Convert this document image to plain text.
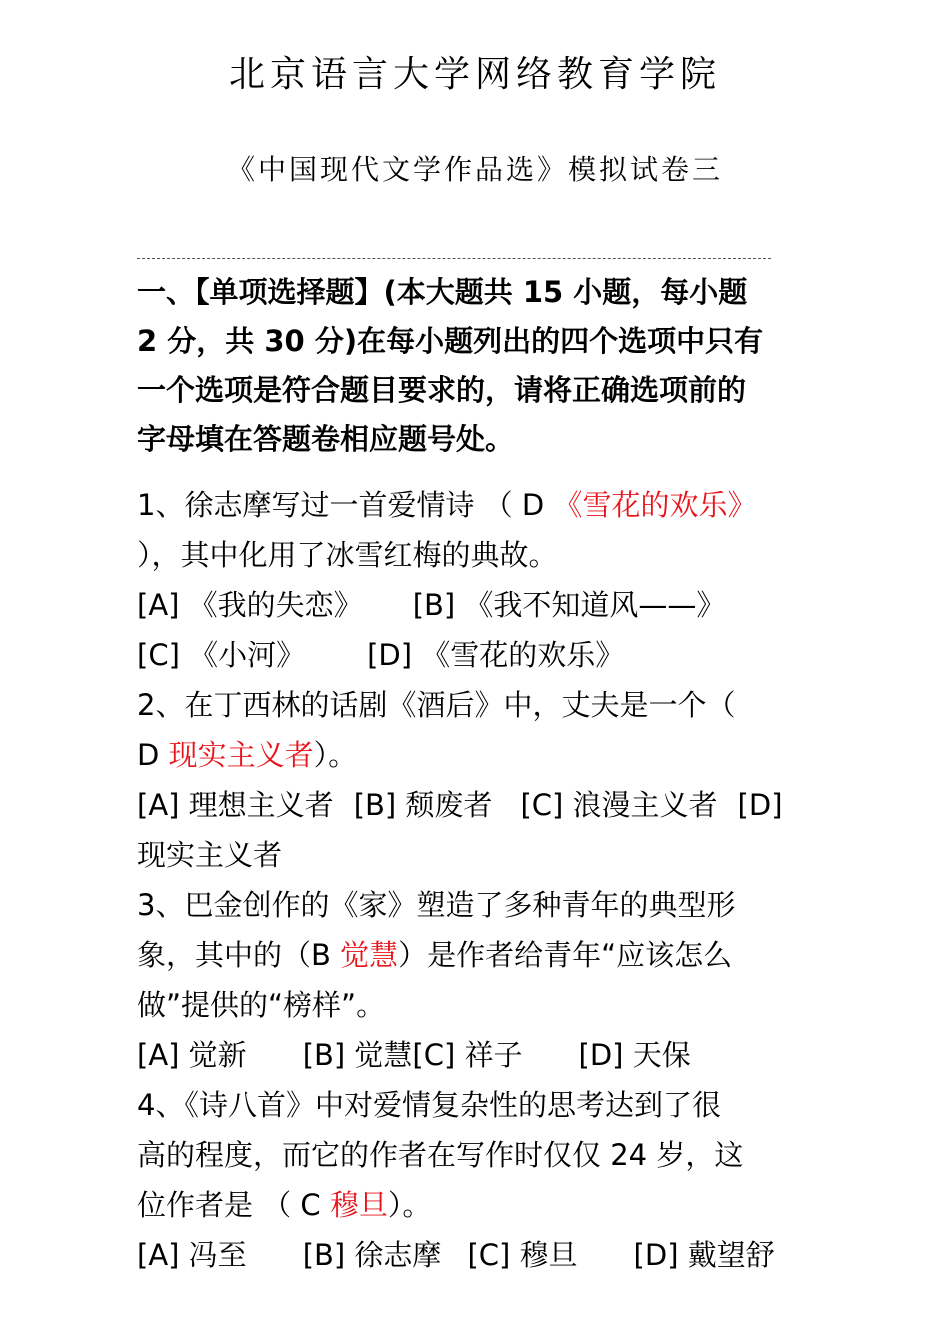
北京语言大学网络教育学院
《中国现代文学作品选》模拟试卷三
一、【单项选择题】(本大题共 15 小题，每小题
2 分，共 30 分)在每小题列出的四个选项中只有
一个选项是符合题目要求的，请将正确选项前的
字母填在答题卷相应题号处。
1、徐志摩写过一首爱情诗 （ D 《雪花的欢乐》
），其中化用了冰雪红梅的典故。
[A] 《我的失恋》 [B] 《我不知道风——》
[C] 《小河》 [D] 《雪花的欢乐》
2、在丁西林的话剧《酒后》中，丈夫是一个（
D 现实主义者）。
[A] 理想主义者 [B] 颓废者 [C] 浪漫主义者 [D]
现实主义者
3、巴金创作的《家》塑造了多种青年的典型形
象，其中的（B 觉慧）是作者给青年“应该怎么
做”提供的“榜样”。
[A] 觉新 [B] 觉慧[C] 祥子 [D] 天保
4、《诗八首》中对爱情复杂性的思考达到了很
高的程度，而它的作者在写作时仅仅 24 岁，这
位作者是 （ C 穆旦）。
[A] 冯至 [B] 徐志摩 [C] 穆旦 [D] 戴望舒
